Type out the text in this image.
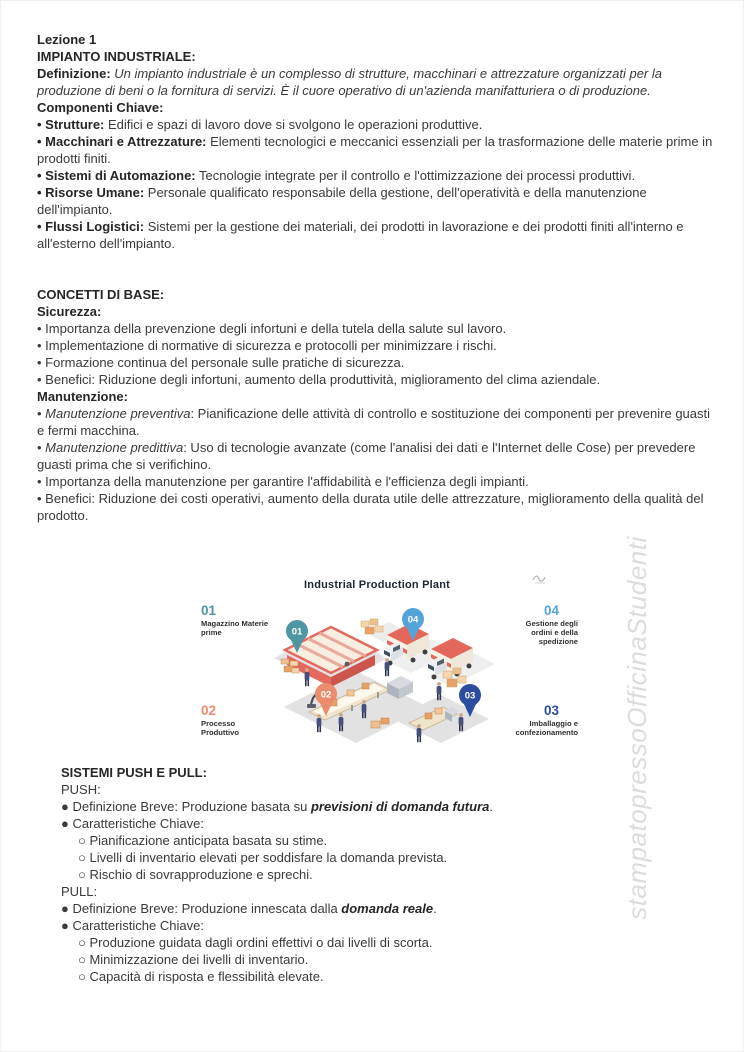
stampatopressoOfficinaStudenti

Lezione 1

IMPIANTO INDUSTRIALE:

Definizione: Un impianto industriale è un complesso di strutture, macchinari e attrezzature organizzati per la produzione di beni o la fornitura di servizi. È il cuore operativo di un'azienda manifatturiera o di produzione.

Componenti Chiave:

• Strutture: Edifici e spazi di lavoro dove si svolgono le operazioni produttive.

• Macchinari e Attrezzature: Elementi tecnologici e meccanici essenziali per la trasformazione delle materie prime in prodotti finiti.

• Sistemi di Automazione: Tecnologie integrate per il controllo e l'ottimizzazione dei processi produttivi.

• Risorse Umane: Personale qualificato responsabile della gestione, dell'operatività e della manutenzione dell'impianto.

• Flussi Logistici: Sistemi per la gestione dei materiali, dei prodotti in lavorazione e dei prodotti finiti all'interno e all'esterno dell'impianto.

CONCETTI DI BASE:

Sicurezza:

• Importanza della prevenzione degli infortuni e della tutela della salute sul lavoro.

• Implementazione di normative di sicurezza e protocolli per minimizzare i rischi.

• Formazione continua del personale sulle pratiche di sicurezza.

• Benefici: Riduzione degli infortuni, aumento della produttività, miglioramento del clima aziendale.

Manutenzione:

• Manutenzione preventiva: Pianificazione delle attività di controllo e sostituzione dei componenti per prevenire guasti e fermi macchina.

• Manutenzione predittiva: Uso di tecnologie avanzate (come l'analisi dei dati e l'Internet delle Cose) per prevedere guasti prima che si verifichino.

• Importanza della manutenzione per garantire l'affidabilità e l'efficienza degli impianti.

• Benefici: Riduzione dei costi operativi, aumento della durata utile delle attrezzature, miglioramento della qualità del prodotto.

Industrial Production Plant
01
Magazzino Materie
prime
04
Gestione degli
ordini e della
spedizione
02
Processo
Produttivo
03
Imballaggio e
confezionamento
01
04
02	03

SISTEMI PUSH E PULL:

PUSH:

● Definizione Breve: Produzione basata su previsioni di domanda futura.

● Caratteristiche Chiave:

○ Pianificazione anticipata basata su stime.

○ Livelli di inventario elevati per soddisfare la domanda prevista.

○ Rischio di sovrapproduzione e sprechi.

PULL:

● Definizione Breve: Produzione innescata dalla domanda reale.

● Caratteristiche Chiave:

○ Produzione guidata dagli ordini effettivi o dai livelli di scorta.

○ Minimizzazione dei livelli di inventario.

○ Capacità di risposta e flessibilità elevate.
